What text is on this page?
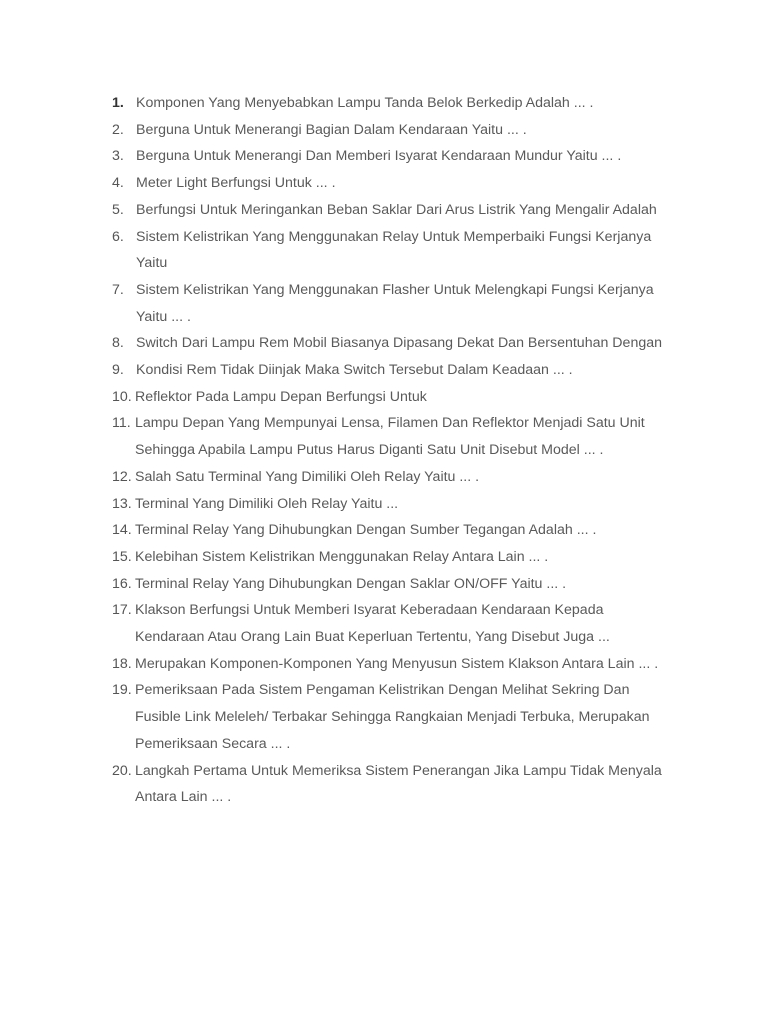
1. Komponen Yang Menyebabkan Lampu Tanda Belok Berkedip Adalah ... .
2. Berguna Untuk Menerangi Bagian Dalam Kendaraan Yaitu ... .
3. Berguna Untuk Menerangi Dan Memberi Isyarat Kendaraan Mundur Yaitu ... .
4. Meter Light Berfungsi Untuk ... .
5. Berfungsi Untuk Meringankan Beban Saklar Dari Arus Listrik Yang Mengalir Adalah
6. Sistem Kelistrikan Yang Menggunakan Relay Untuk Memperbaiki Fungsi Kerjanya Yaitu
7. Sistem Kelistrikan Yang Menggunakan Flasher Untuk Melengkapi Fungsi Kerjanya Yaitu ... .
8. Switch Dari Lampu Rem Mobil Biasanya Dipasang Dekat Dan Bersentuhan Dengan
9. Kondisi Rem Tidak Diinjak Maka Switch Tersebut Dalam Keadaan ... .
10. Reflektor Pada Lampu Depan Berfungsi Untuk
11. Lampu Depan Yang Mempunyai Lensa, Filamen Dan Reflektor Menjadi Satu Unit Sehingga Apabila Lampu Putus Harus Diganti Satu Unit Disebut Model ... .
12. Salah Satu Terminal Yang Dimiliki Oleh Relay Yaitu ... .
13. Terminal Yang Dimiliki Oleh Relay Yaitu ...
14. Terminal Relay Yang Dihubungkan Dengan Sumber Tegangan Adalah ... .
15. Kelebihan Sistem Kelistrikan Menggunakan Relay Antara Lain ... .
16. Terminal Relay Yang Dihubungkan Dengan Saklar ON/OFF Yaitu ... .
17. Klakson Berfungsi Untuk Memberi Isyarat Keberadaan Kendaraan Kepada Kendaraan Atau Orang Lain Buat Keperluan Tertentu, Yang Disebut Juga ...
18. Merupakan Komponen-Komponen Yang Menyusun Sistem Klakson Antara Lain ... .
19. Pemeriksaan Pada Sistem Pengaman Kelistrikan Dengan Melihat Sekring Dan Fusible Link Meleleh/ Terbakar Sehingga Rangkaian Menjadi Terbuka, Merupakan Pemeriksaan Secara ... .
20. Langkah Pertama Untuk Memeriksa Sistem Penerangan Jika Lampu Tidak Menyala Antara Lain ... .
